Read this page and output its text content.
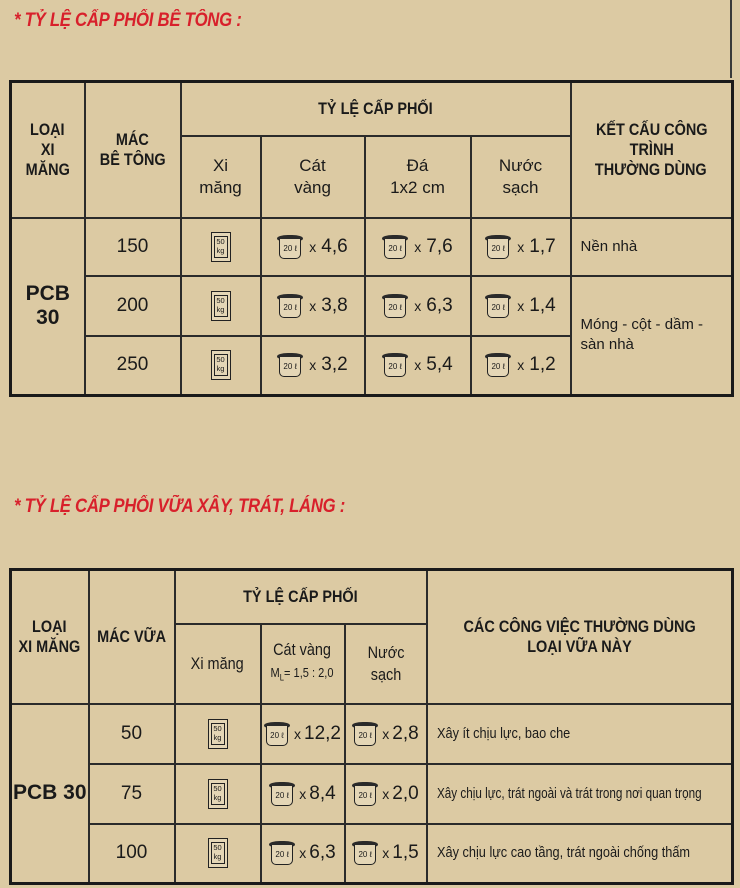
* TỶ LỆ CẤP PHỐI BÊ TÔNG :
LOẠI
XI MĂNG	MÁC
BÊ TÔNG	TỶ LỆ CẤP PHỐI				KẾT CẤU CÔNG TRÌNH
THƯỜNG DÙNG
		Xi
măng	Cát
vàng	Đá
1x2 cm	Nước
sạch	
PCB 30	150	50
kg	20 ℓ x 4,6	20 ℓ x 7,6	20 ℓ x 1,7	Nền nhà
	200	50
kg	20 ℓ x 3,8	20 ℓ x 6,3	20 ℓ x 1,4	Móng - cột - dầm - sàn nhà
	250	50
kg	20 ℓ x 3,2	20 ℓ x 5,4	20 ℓ x 1,2	
* TỶ LỆ CẤP PHỐI VỮA XÂY, TRÁT, LÁNG :
LOẠI
XI MĂNG	MÁC VỮA	TỶ LỆ CẤP PHỐI			CÁC CÔNG VIỆC THƯỜNG DÙNG
LOẠI VỮA NÀY
		Xi măng	Cát vàng
$M_L= 1,5$ : 2,0	Nước sạch	
PCB 30	50	50
kg	20 ℓ x 12,2	20 ℓ x 2,8	Xây ít chịu lực, bao che
	75	50
kg	20 ℓ x 8,4	20 ℓ x 2,0	Xây chịu lực, trát ngoài và trát trong nơi quan trọng
	100	50
kg	20 ℓ x 6,3	20 ℓ x 1,5	Xây chịu lực cao tầng, trát ngoài chống thấm
